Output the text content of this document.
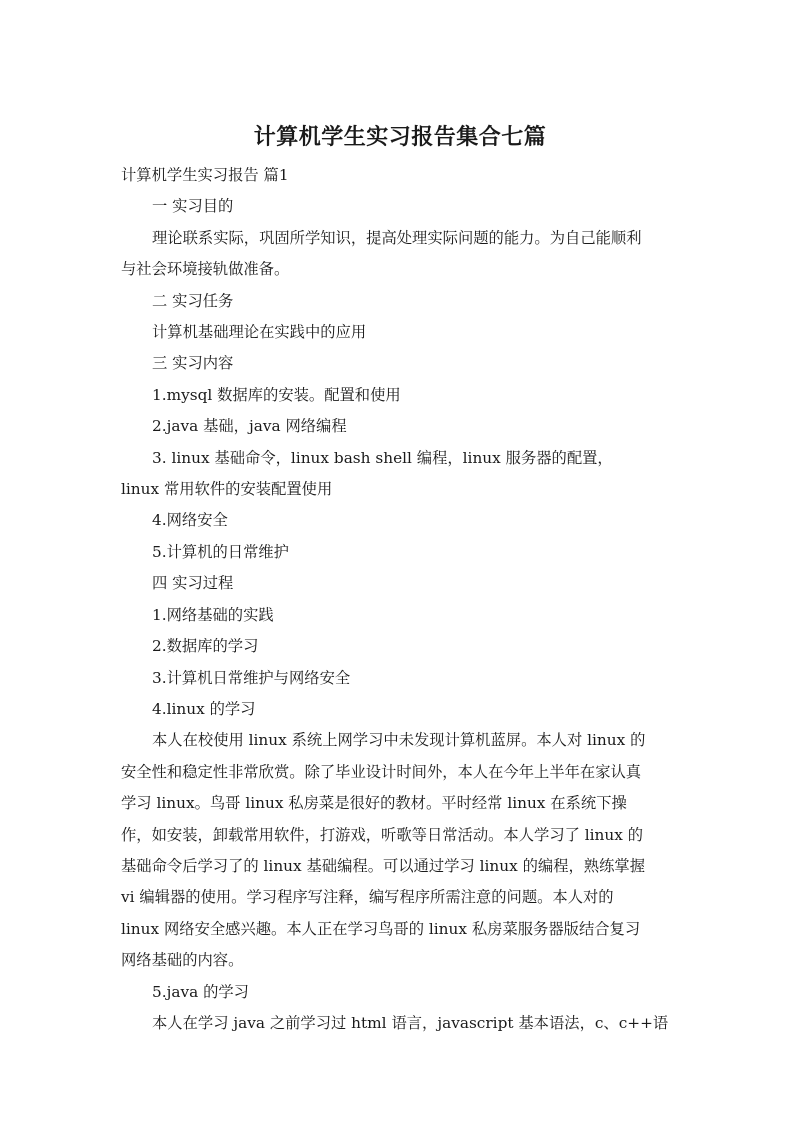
计算机学生实习报告集合七篇

计算机学生实习报告 篇1

一 实习目的

理论联系实际，巩固所学知识，提高处理实际问题的能力。为自己能顺利

与社会环境接轨做准备。

二 实习任务

计算机基础理论在实践中的应用

三 实习内容

1.mysql 数据库的安装。配置和使用

2.java 基础，java 网络编程

3. linux 基础命令，linux bash shell 编程，linux 服务器的配置，

linux 常用软件的安装配置使用

4.网络安全

5.计算机的日常维护

四 实习过程

1.网络基础的实践

2.数据库的学习

3.计算机日常维护与网络安全

4.linux 的学习

本人在校使用 linux 系统上网学习中未发现计算机蓝屏。本人对 linux 的

安全性和稳定性非常欣赏。除了毕业设计时间外，本人在今年上半年在家认真

学习 linux。鸟哥 linux 私房菜是很好的教材。平时经常 linux 在系统下操

作，如安装，卸载常用软件，打游戏，听歌等日常活动。本人学习了 linux 的

基础命令后学习了的 linux 基础编程。可以通过学习 linux 的编程，熟练掌握

vi 编辑器的使用。学习程序写注释，编写程序所需注意的问题。本人对的

linux 网络安全感兴趣。本人正在学习鸟哥的 linux 私房菜服务器版结合复习

网络基础的内容。

5.java 的学习

本人在学习 java 之前学习过 html 语言，javascript 基本语法，c、c++语
